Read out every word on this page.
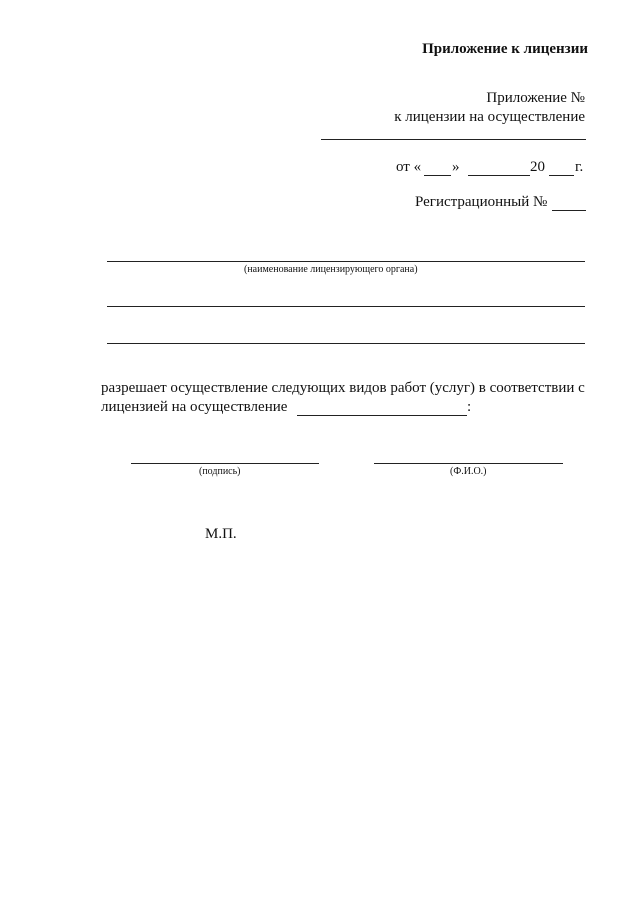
Приложение к лицензии
Приложение №
к лицензии на осуществление
от « »	20 г.
Регистрационный №
(наименование лицензирующего органа)
разрешает осуществление следующих видов работ (услуг) в соответствии с
лицензией на осуществление	:
(подпись)	(Ф.И.О.)
М.П.
